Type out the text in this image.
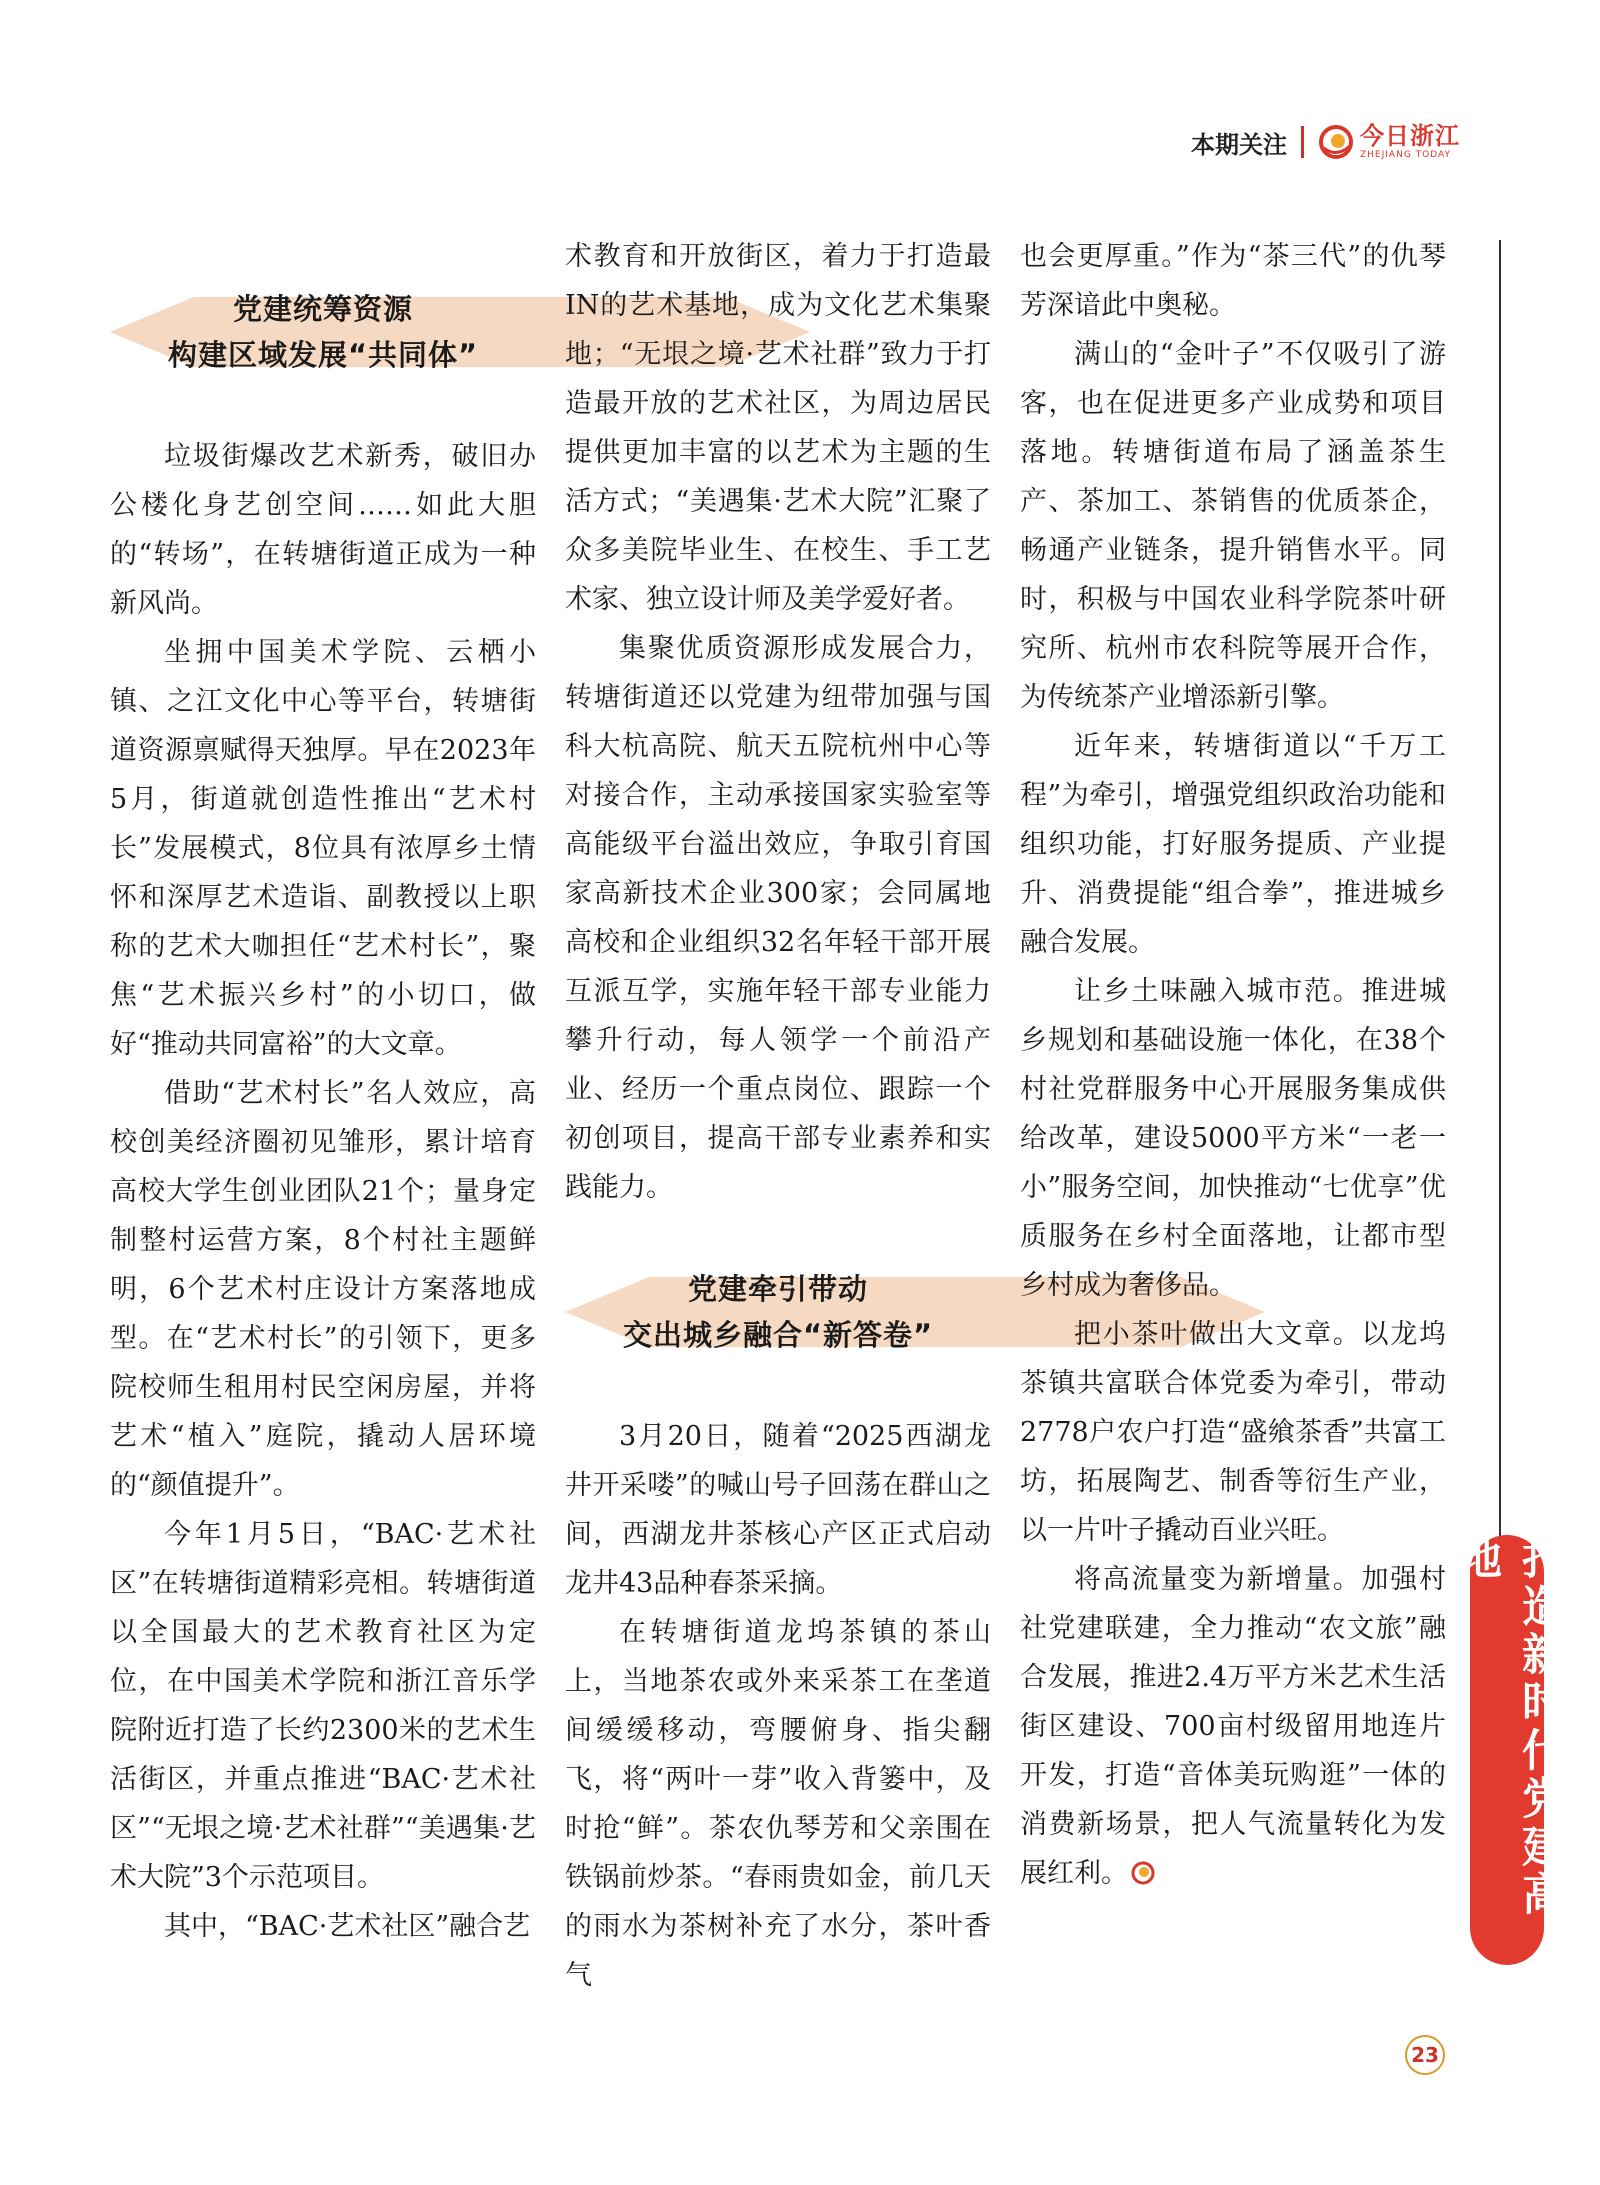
本期关注	今日浙江
ZHEJIANG TODAY
党建统筹资源
构建区域发展“共同体”

垃圾街爆改艺术新秀，破旧办公楼化身艺创空间……如此大胆的“转场”，在转塘街道正成为一种新风尚。

坐拥中国美术学院、云栖小镇、之江文化中心等平台，转塘街道资源禀赋得天独厚。早在2023年5月，街道就创造性推出“艺术村长”发展模式，8位具有浓厚乡土情怀和深厚艺术造诣、副教授以上职称的艺术大咖担任“艺术村长”，聚焦“艺术振兴乡村”的小切口，做好“推动共同富裕”的大文章。

借助“艺术村长”名人效应，高校创美经济圈初见雏形，累计培育高校大学生创业团队21个；量身定制整村运营方案，8个村社主题鲜明，6个艺术村庄设计方案落地成型。在“艺术村长”的引领下，更多院校师生租用村民空闲房屋，并将艺术“植入”庭院，撬动人居环境的“颜值提升”。

今年1月5日，“BAC·艺术社区”在转塘街道精彩亮相。转塘街道以全国最大的艺术教育社区为定位，在中国美术学院和浙江音乐学院附近打造了长约2300米的艺术生活街区，并重点推进“BAC·艺术社区”“无垠之境·艺术社群”“美遇集·艺术大院”3个示范项目。

其中，“BAC·艺术社区”融合艺

术教育和开放街区，着力于打造最IN的艺术基地，成为文化艺术集聚地；“无垠之境·艺术社群”致力于打造最开放的艺术社区，为周边居民提供更加丰富的以艺术为主题的生活方式；“美遇集·艺术大院”汇聚了众多美院毕业生、在校生、手工艺术家、独立设计师及美学爱好者。

集聚优质资源形成发展合力，转塘街道还以党建为纽带加强与国科大杭高院、航天五院杭州中心等对接合作，主动承接国家实验室等高能级平台溢出效应，争取引育国家高新技术企业300家；会同属地高校和企业组织32名年轻干部开展互派互学，实施年轻干部专业能力攀升行动，每人领学一个前沿产业、经历一个重点岗位、跟踪一个初创项目，提高干部专业素养和实践能力。

党建牵引带动
交出城乡融合“新答卷”

3月20日，随着“2025西湖龙井开采喽”的喊山号子回荡在群山之间，西湖龙井茶核心产区正式启动龙井43品种春茶采摘。

在转塘街道龙坞茶镇的茶山上，当地茶农或外来采茶工在垄道间缓缓移动，弯腰俯身、指尖翻飞，将“两叶一芽”收入背篓中，及时抢“鲜”。茶农仇琴芳和父亲围在铁锅前炒茶。“春雨贵如金，前几天的雨水为茶树补充了水分，茶叶香气

也会更厚重。”作为“茶三代”的仇琴芳深谙此中奥秘。

满山的“金叶子”不仅吸引了游客，也在促进更多产业成势和项目落地。转塘街道布局了涵盖茶生产、茶加工、茶销售的优质茶企，畅通产业链条，提升销售水平。同时，积极与中国农业科学院茶叶研究所、杭州市农科院等展开合作，为传统茶产业增添新引擎。

近年来，转塘街道以“千万工程”为牵引，增强党组织政治功能和组织功能，打好服务提质、产业提升、消费提能“组合拳”，推进城乡融合发展。

让乡土味融入城市范。推进城乡规划和基础设施一体化，在38个村社党群服务中心开展服务集成供给改革，建设5000平方米“一老一小”服务空间，加快推动“七优享”优质服务在乡村全面落地，让都市型乡村成为奢侈品。

把小茶叶做出大文章。以龙坞茶镇共富联合体党委为牵引，带动2778户农户打造“盛飨茶香”共富工坊，拓展陶艺、制香等衍生产业，以一片叶子撬动百业兴旺。

将高流量变为新增量。加强村社党建联建，全力推动“农文旅”融合发展，推进2.4万平方米艺术生活街区建设、700亩村级留用地连片开发，打造“音体美玩购逛”一体的消费新场景，把人气流量转化为发展红利。	打造新时代党建高地
23
